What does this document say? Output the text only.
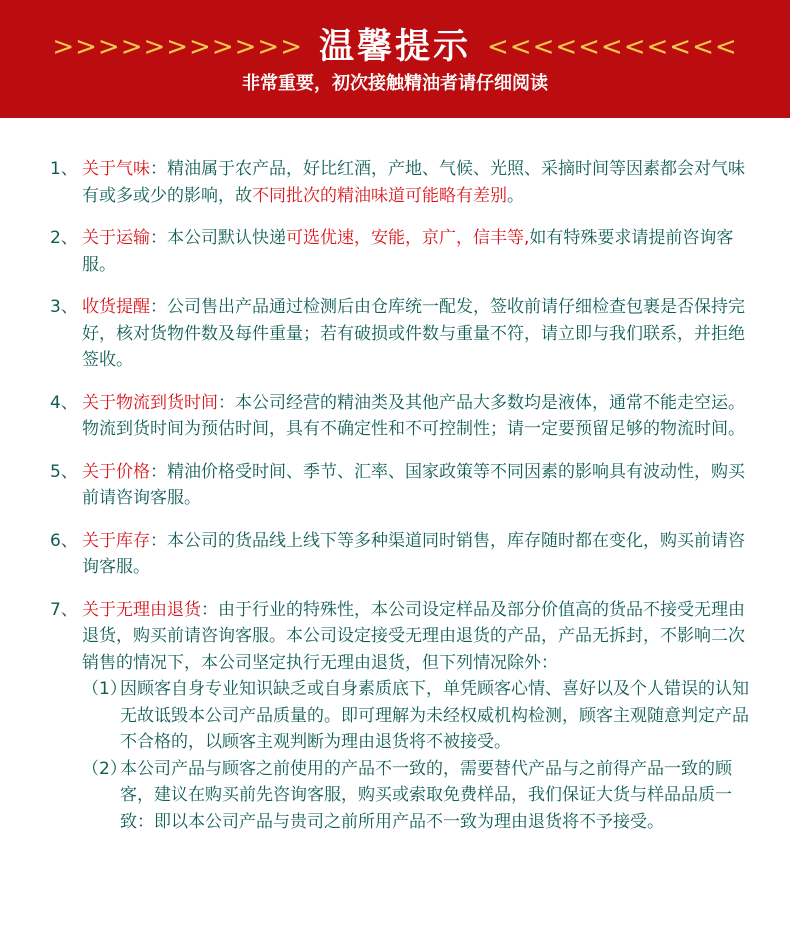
>>>>>>>>>>> 温馨提示 <<<<<<<<<<<
非常重要，初次接触精油者请仔细阅读
1、 关于气味：精油属于农产品，好比红酒，产地、气候、光照、采摘时间等因素都会对气味有或多或少的影响，故不同批次的精油味道可能略有差别。
2、 关于运输：本公司默认快递可选优速，安能，京广，信丰等,如有特殊要求请提前咨询客服。
3、 收货提醒：公司售出产品通过检测后由仓库统一配发，签收前请仔细检查包裹是否保持完好，核对货物件数及每件重量；若有破损或件数与重量不符，请立即与我们联系，并拒绝签收。
4、 关于物流到货时间：本公司经营的精油类及其他产品大多数均是液体，通常不能走空运。物流到货时间为预估时间，具有不确定性和不可控制性；请一定要预留足够的物流时间。
5、 关于价格：精油价格受时间、季节、汇率、国家政策等不同因素的影响具有波动性，购买前请咨询客服。
6、 关于库存：本公司的货品线上线下等多种渠道同时销售，库存随时都在变化，购买前请咨询客服。
7、 关于无理由退货：由于行业的特殊性，本公司设定样品及部分价值高的货品不接受无理由退货，购买前请咨询客服。本公司设定接受无理由退货的产品，产品无拆封，不影响二次销售的情况下，本公司坚定执行无理由退货，但下列情况除外：
（1）
因顾客自身专业知识缺乏或自身素质底下，单凭顾客心情、喜好以及个人错误的认知无故诋毁本公司产品质量的。即可理解为未经权威机构检测，顾客主观随意判定产品不合格的，以顾客主观判断为理由退货将不被接受。
（2）
本公司产品与顾客之前使用的产品不一致的，需要替代产品与之前得产品一致的顾客，建议在购买前先咨询客服，购买或索取免费样品，我们保证大货与样品品质一致：即以本公司产品与贵司之前所用产品不一致为理由退货将不予接受。
